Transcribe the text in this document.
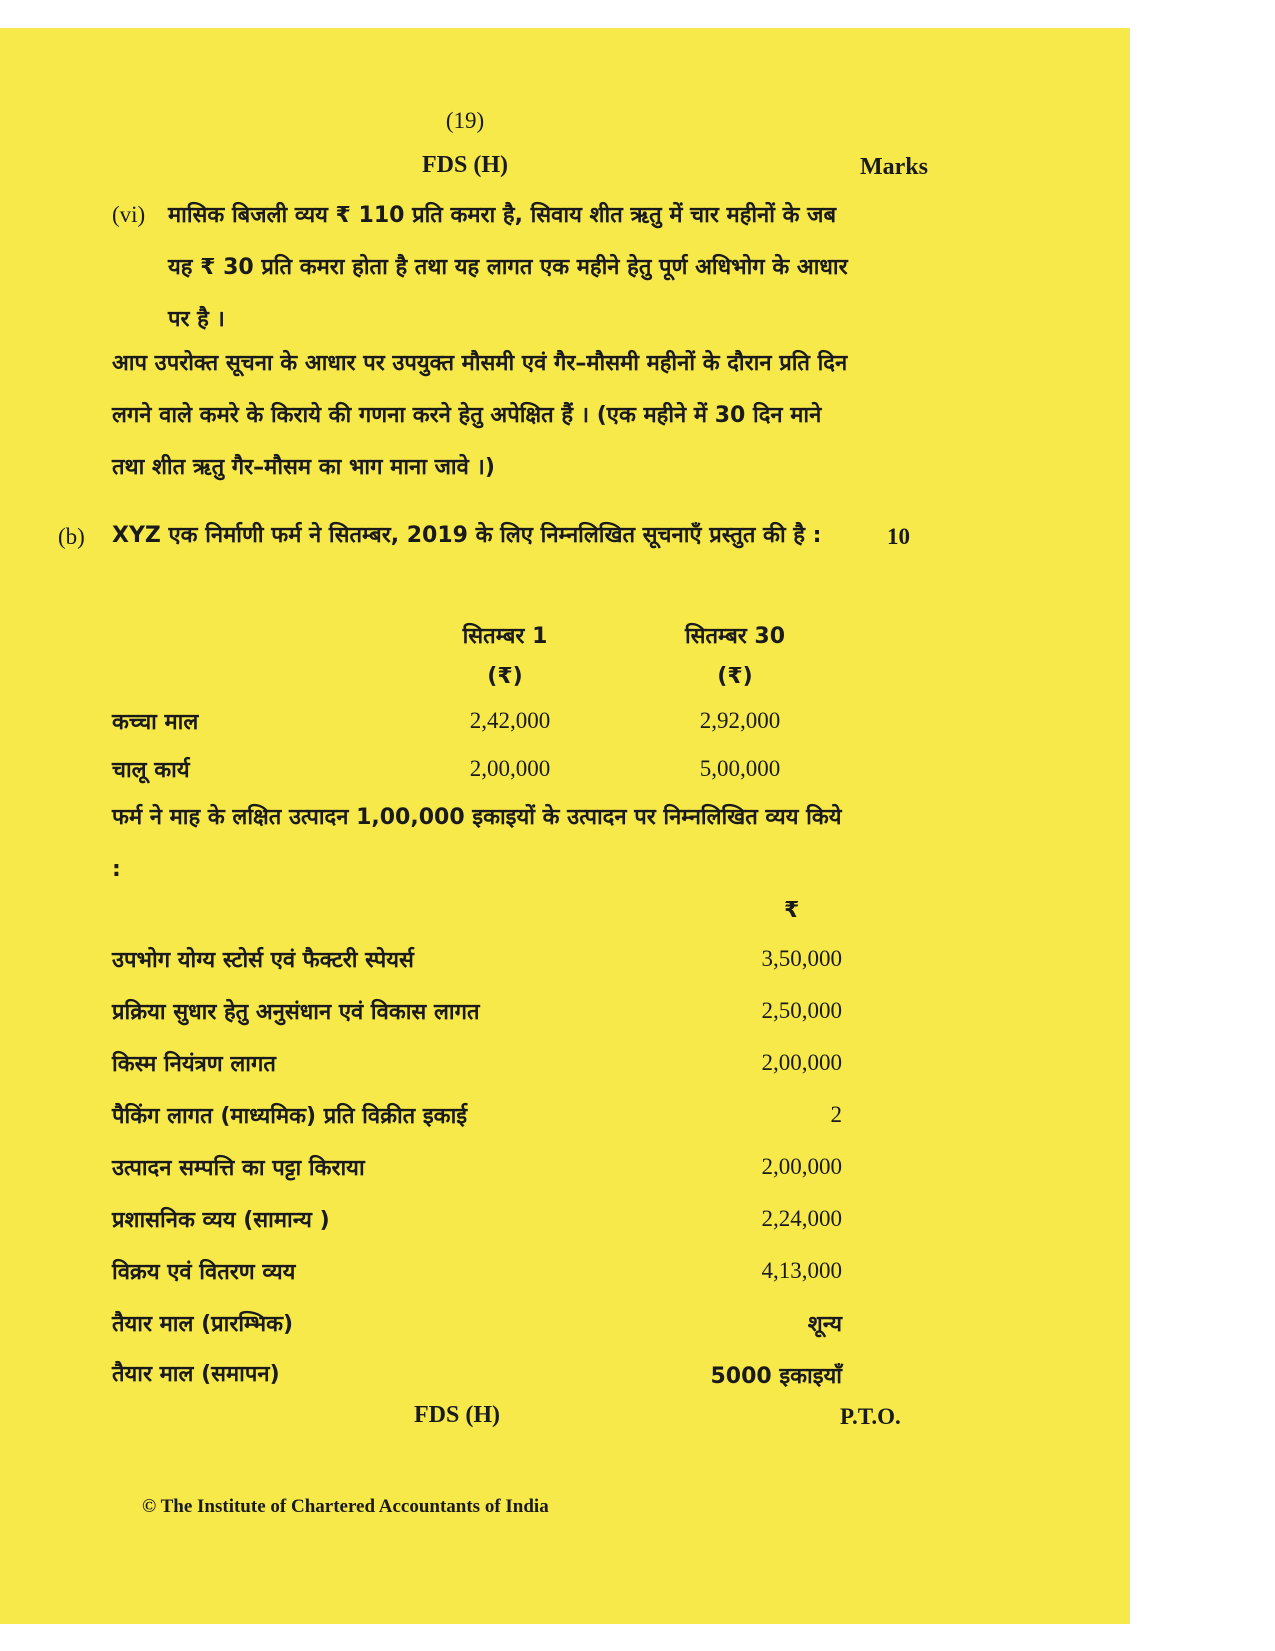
(19)
FDS (H)	Marks
(vi) मासिक बिजली व्यय ₹ 110 प्रति कमरा है, सिवाय शीत ऋतु में चार महीनों के जब यह ₹ 30 प्रति कमरा होता है तथा यह लागत एक महीने हेतु पूर्ण अधिभोग के आधार पर है ।
आप उपरोक्त सूचना के आधार पर उपयुक्त मौसमी एवं गैर–मौसमी महीनों के दौरान प्रति दिन लगने वाले कमरे के किराये की गणना करने हेतु अपेक्षित हैं । (एक महीने में 30 दिन माने तथा शीत ऋतु गैर–मौसम का भाग माना जावे ।)
(b) XYZ एक निर्माणी फर्म ने सितम्बर, 2019 के लिए निम्नलिखित सूचनाएँ प्रस्तुत की है :	10
सितम्बर 1	सितम्बर 30
(₹)	(₹)
कच्चा माल	2,42,000	2,92,000
चालू कार्य	2,00,000	5,00,000
फर्म ने माह के लक्षित उत्पादन 1,00,000 इकाइयों के उत्पादन पर निम्नलिखित व्यय किये :
₹
उपभोग योग्य स्टोर्स एवं फैक्टरी स्पेयर्स	3,50,000
प्रक्रिया सुधार हेतु अनुसंधान एवं विकास लागत	2,50,000
किस्म नियंत्रण लागत	2,00,000
पैकिंग लागत (माध्यमिक) प्रति विक्रीत इकाई	2
उत्पादन सम्पत्ति का पट्टा किराया	2,00,000
प्रशासनिक व्यय (सामान्य )	2,24,000
विक्रय एवं वितरण व्यय	4,13,000
तैयार माल (प्रारम्भिक)	शून्य
तैयार माल (समापन)	5000 इकाइयाँ
FDS (H)	P.T.O.
© The Institute of Chartered Accountants of India
